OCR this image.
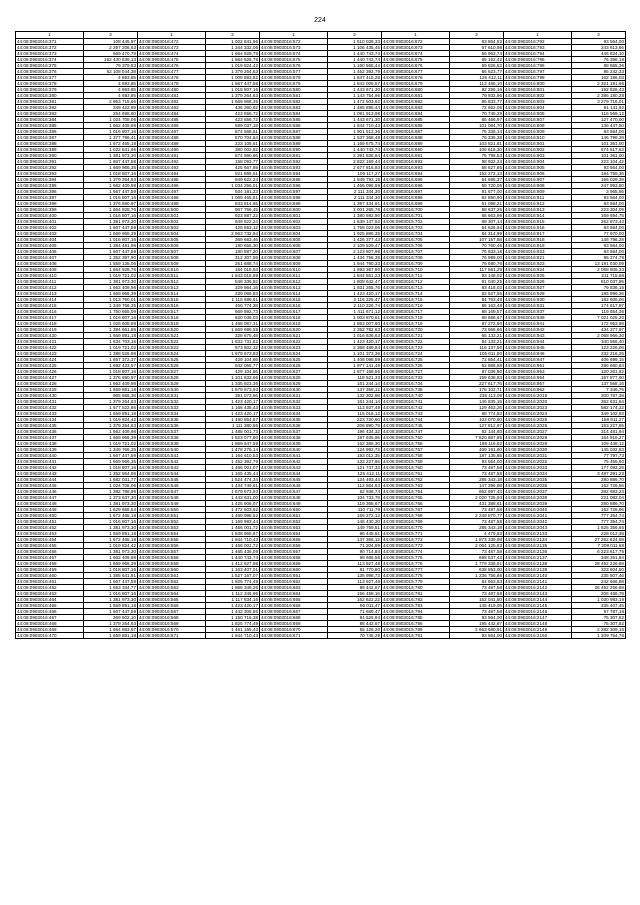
224
1	2	1	2	1	2	1	2	1	2
44:08:0903016:371	108 445,97	44:08:0903016:472	1 022 841,66	44:08:0903016:572	1 610 038,33	44:08:0903016:672	63 864,52	44:08:0903016:792	93 564,00
44:08:0903016:372	2 297 206,63	44:08:0903016:473	1 344 332,06	44:08:0903016:573	1 106 435,45	44:08:0903016:673	67 610,98	44:08:0903016:793	243 613,66
44:08:0903016:373	669 470,78	44:08:0903016:474	1 664 928,78	44:08:0903016:574	1 440 743,74	44:08:0903016:674	56 953,74	44:08:0903016:794	446 824,10
44:08:0903016:374	162 430 836,13	44:08:0903016:475	1 664 926,78	44:08:0903016:575	1 440 743,74	44:08:0903016:675	65 162,42	44:08:0903016:795	76 396,18
44:08:0903016:375	79 379,83	44:08:0903016:476	1 019 824,42	44:08:0903016:576	1 160 565,44	44:08:0903016:676	69 826,52	44:08:0903016:796	88 865,36
44:08:0903016:376	62 108 044,38	44:08:0903016:477	1 379 264,63	44:08:0903016:577	1 452 392,79	44:08:0903016:677	66 623,77	44:08:0903016:797	95 242,33
44:08:0903016:377	4 693,85	44:08:0903016:478	1 009 883,82	44:08:0903016:578	1 847 415,28	44:08:0903016:678	125 412,11	44:08:0903016:798	162 196,03
44:08:0903016:378	4 693,85	44:08:0903016:479	1 667 447,58	44:08:0903016:579	1 842 006,57	44:08:0903016:679	113 486,10	44:08:0903016:800	2 321 191,66
44:08:0903016:379	4 693,85	44:08:0903016:480	1 018 807,16	44:08:0903016:580	1 443 671,30	44:08:0903016:680	92 256,16	44:08:0903016:801	152 826,43
44:08:0903016:380	4 693,85	44:08:0903016:481	1 379 264,63	44:08:0903016:581	1 143 754,96	44:08:0903016:681	79 932,96	44:08:0903016:802	2 386 180,28
44:08:0903016:381	2 953 715,66	44:08:0903016:482	1 669 966,35	44:08:0903016:582	1 472 503,62	44:08:0903016:682	86 833,77	44:08:0903016:803	3 279 716,01
44:08:0903016:382	349 422,69	44:08:0903016:483	436 260,62	44:08:0903016:583	1 485 896,44	44:08:0903016:683	72 662,05	44:08:0903016:804	91 141,92
44:08:0903016:383	254 698,60	44:08:0903016:484	423 556,72	44:08:0903016:584	1 091 913,98	44:08:0903016:684	70 745,29	44:08:0903016:805	116 569,12
44:08:0903016:384	1 024 708,06	44:08:0903016:485	423 556,72	44:08:0903016:585	1 443 671,30	44:08:0903016:685	65 466,97	44:08:0903016:807	127 470,00
44:08:0903016:385	1 662 409,98	44:08:0903016:486	589 037,18	44:08:0903016:586	1 844 710,43	44:08:0903016:686	101 084,70	44:08:0903016:808	136 447,50
44:08:0903016:386	1 016 807,16	44:08:0903016:487	874 568,51	44:08:0903016:587	1 901 512,36	44:08:0903016:687	75 336,14	44:08:0903016:809	93 564,00
44:08:0903016:387	1 377 796,41	44:08:0903016:488	570 704,54	44:08:0903016:588	1 537 368,48	44:08:0903016:688	76 336,38	44:08:0903016:810	146 798,28
44:08:0903016:388	1 672 465,18	44:08:0903016:489	223 108,61	44:08:0903016:589	1 169 675,74	44:08:0903016:689	103 821,81	44:08:0903016:901	101 361,00
44:08:0903016:389	1 022 841,66	44:08:0903016:490	380 002,92	44:08:0903016:590	1 440 743,74	44:08:0903016:690	106 616,30	44:08:0903016:902	674 617,63
44:08:0903016:390	1 381 973,30	44:08:0903016:491	874 990,66	44:08:0903016:591	2 391 836,64	44:08:0903016:691	75 798,53	44:08:0903016:903	101 361,00
44:08:0903016:391	1 667 447,58	44:08:0903016:492	158 093,77	44:08:0903016:592	2 822 169,44	44:08:0903016:692	98 932,24	44:08:0903016:904	223 104,42
44:08:0903016:392	1 669 966,35	44:08:0903016:493	425 667,69	44:08:0903016:593	2 677 816,93	44:08:0903016:693	58 627,85	44:08:0903016:905	93 564,00
44:08:0903016:393	1 018 807,16	44:08:0903016:494	921 886,51	44:08:0903016:594	109 117,27	44:08:0903016:694	152 272,13	44:08:0903016:906	184 755,36
44:08:0903016:394	1 379 264,63	44:08:0903016:495	949 622,24	44:08:0903016:595	1 949 793,18	44:08:0903016:695	64 695,37	44:08:0903016:907	166 029,39
44:08:0903016:395	1 662 409,98	44:08:0903016:496	1 034 256,01	44:08:0903016:596	1 466 096,59	44:08:0903016:696	59 720,05	44:08:0903016:908	247 993,80
44:08:0903016:396	1 667 447,59	44:08:0903016:497	934 181,23	44:08:0903016:597	2 111 344,30	44:08:0903016:697	91 677,00	44:08:0903016:909	3 965,86
44:08:0903016:397	1 016 807,16	44:08:0903016:498	1 069 465,51	44:08:0903016:598	2 111 344,30	44:08:0903016:698	82 850,90	44:08:0903016:911	93 564,00
44:08:0903016:398	1 376 690,97	44:08:0903016:499	833 814,65	44:08:0903016:599	1 397 434,91	44:08:0903016:699	61 098,21	44:08:0903016:912	93 564,00
44:08:0903016:399	1 664 928,76	44:08:0903016:500	967 756,45	44:08:0903016:600	1 001 265,76	44:08:0903016:700	58 637,26	44:08:0903016:913	223 304,09
44:08:0903016:400	1 016 807,16	44:08:0903016:501	923 887,22	44:08:0903016:601	1 380 692,90	44:08:0903016:701	66 663,96	44:08:0903016:914	169 694,75
44:08:0903016:401	1 381 973,30	44:08:0903016:502	949 622,24	44:08:0903016:602	1 639 147,52	44:08:0903016:702	69 307,14	44:08:0903016:915	262 873,43
44:08:0903016:402	1 667 447,59	44:08:0903016:503	425 653,12	44:08:0903016:603	1 758 023,06	44:08:0903016:703	64 626,84	44:08:0903016:916	93 564,00
44:08:0903016:403	1 669 966,39	44:08:0903016:504	2 963 732,94	44:08:0903016:604	1 925 886,35	44:08:0903016:704	84 314,99	44:08:0903016:917	77 970,00
44:08:0903016:404	1 016 807,16	44:08:0903016:505	369 683,46	44:08:0903016:605	1 426 377,43	44:08:0903016:705	107 157,88	44:08:0903016:918	148 796,28
44:08:0903016:405	1 384 481,98	44:08:0903016:506	190 655,30	44:08:0903016:606	2 109 529,47	44:08:0903016:706	70 760,46	44:08:0903016:919	93 564,00
44:08:0903016:406	1 667 447,59	44:08:0903016:507	190 587,20	44:08:0903016:607	2 123 807,98	44:08:0903016:707	76 633,18	44:08:0903016:923	93 564,00
44:08:0903016:407	1 352 397,90	44:08:0903016:508	312 307,59	44:08:0903016:608	1 434 756,35	44:08:0903016:708	76 999,00	44:08:0903016:921	96 274,78
44:08:0903016:408	1 559 135,06	44:08:0903016:509	251 688,74	44:08:0903016:609	1 944 790,33	44:08:0903016:709	76 690,76	44:08:0903016:923	13 191 030,09
44:08:0903016:409	1 664 928,76	44:08:0903016:510	164 016,63	44:08:0903016:610	1 893 367,80	44:08:0903016:710	117 561,29	44:08:0903016:924	2 068 806,33
44:08:0903016:410	1 019 721,02	44:08:0903016:511	1 643 015,89	44:08:0903016:611	1 844 551,23	44:08:0903016:711	93 148,02	44:08:0903016:925	211 715,68
44:08:0903016:411	1 381 973,30	44:08:0903016:512	548 336,92	44:08:0903016:612	1 808 642,47	44:08:0903016:712	91 040,25	44:08:0903016:926	810 037,95
44:08:0903016:412	1 662 409,98	44:08:0903016:513	329 864,16	44:08:0903016:613	1 931 265,76	44:08:0903016:713	83 418,02	44:08:0903016:927	79 836,15
44:08:0903016:413	1 669 966,39	44:08:0903016:514	339 066,83	44:08:0903016:614	1 423 420,17	44:08:0903016:714	82 527,55	44:08:0903016:928	185 996,36
44:08:0903016:414	1 013 760,01	44:08:0903016:515	1 115 686,61	44:08:0903016:615	2 116 325,47	44:08:0903016:715	84 763,48	44:08:0903016:930	182 606,06
44:08:0903016:415	1 349 766,35	44:08:0903016:516	456 774,38	44:08:0903016:616	2 110 326,74	44:08:0903016:716	86 163,48	44:08:0903016:931	174 617,97
44:08:0903016:416	1 750 665,09	44:08:0903016:517	669 892,73	44:08:0903016:617	1 411 671,12	44:08:0903016:717	88 169,57	44:08:0903016:937	119 554,36
44:08:0903016:417	1 016 807,16	44:08:0903016:518	620 036,03	44:08:0903016:618	1 003 870,61	44:08:0903016:718	69 688,67	44:08:0903016:939	7 021 025,20
44:08:0903016:418	1 025 608,88	44:08:0903016:519	1 468 067,31	44:08:0903016:619	1 863 007,60	44:08:0903016:719	87 272,60	44:08:0903016:941	172 953,68
44:08:0903016:419	1 384 661,86	44:08:0903016:520	1 669 696,59	44:08:0903016:620	2 352 782,63	44:08:0903016:720	73 666,66	44:08:0903016:942	434 377,97
44:08:0903016:420	1 659 891,18	44:08:0903016:521	328 675,48	44:08:0903016:621	1 016 636,63	44:08:0903016:721	65 133,21	44:08:0903016:943	2 068 966,30
44:08:0903016:421	1 634 703,16	44:08:0903016:522	1 633 731,62	44:08:0903016:622	1 423 420,17	44:08:0903016:722	64 133,21	44:08:0903016:944	340 566,40
44:08:0903016:422	1 019 721,02	44:08:0903016:523	573 802,32	44:08:0903016:623	2 368 489,84	44:08:0903016:723	116 137,50	44:08:0903016:945	123 226,06
44:08:0903016:423	1 388 526,98	44:08:0903016:524	1 679 673,93	44:08:0903016:624	1 101 373,36	44:08:0903016:724	105 611,80	44:08:0903016:946	232 216,26
44:08:0903016:424	1 657 372,37	44:08:0903016:525	429 104,66	44:08:0903016:625	1 408 098,59	44:08:0903016:725	72 854,41	44:08:0903016:947	406 699,15
44:08:0903016:425	1 692 433,57	44:08:0903016:526	942 066,77	44:08:0903016:626	1 977 141,49	44:08:0903016:726	62 868,58	44:08:0903016:951	286 660,84
44:08:0903016:426	1 018 807,16	44:08:0903016:527	429 104,66	44:08:0903016:627	1 877 168,55	44:08:0903016:727	87 036,90	44:08:0903016:953	120 261,82
44:08:0903016:427	1 376 690,97	44:08:0903016:528	1 101 633,66	44:08:0903016:628	118 521,33	44:08:0903016:733	159 638,83	44:08:0903016:954	167 877,60
44:08:0903016:428	1 662 409,98	44:08:0903016:529	1 335 923,36	44:08:0903016:629	161 244,14	44:08:0903016:734	227 617,76	44:08:0903016:957	137 568,16
44:08:0903016:429	1 659 891,18	44:08:0903016:530	1 679 673,93	44:08:0903016:630	137 356,12	44:08:0903016:738	176 102,71	44:08:0903016:962	7 346,76
44:08:0903016:430	965 656,38	44:08:0903016:531	391 073,56	44:08:0903016:631	132 302,88	44:08:0903016:740	235 113,08	44:08:0903016:2015	200 767,38
44:08:0903016:431	1 379 264,63	44:08:0903016:532	1 423 420,17	44:08:0903016:632	161 244,14	44:08:0903016:741	146 835,16	44:08:0903016:2020	362 631,64
44:08:0903016:432	1 677 522,86	44:08:0903016:533	1 166 435,43	44:08:0903016:633	113 927,48	44:08:0903016:742	129 463,26	44:08:0903016:2023	582 174,22
44:08:0903016:433	1 659 891,18	44:08:0903016:534	1 423 420,17	44:08:0903016:634	115 016,12	44:08:0903016:743	88 774,82	44:08:0903016:2024	349 102,93
44:08:0903016:434	1 019 824,42	44:08:0903016:535	1 480 854,57	44:08:0903016:635	223 720,60	44:08:0903016:744	103 070,60	44:08:0903016:2025	158 911,27
44:08:0903016:435	1 379 264,63	44:08:0903016:536	1 111 380,56	44:08:0903016:636	206 890,79	44:08:0903016:745	127 812,97	44:08:0903016:2026	153 227,65
44:08:0903016:436	1 662 409,98	44:08:0903016:537	1 488 001,73	44:08:0903016:637	196 434,32	44:08:0903016:747	82 144,80	44:08:0903016:2027	314 481,94
44:08:0903016:437	1 669 966,39	44:08:0903016:538	1 823 077,80	44:08:0903016:638	197 635,95	44:08:0903016:750	7 820 867,85	44:08:0903016:2028	164 916,27
44:08:0903016:438	1 019 721,02	44:08:0903016:539	1 869 647,59	44:08:0903016:639	152 366,30	44:08:0903016:756	188 116,82	44:08:0903016:2029	109 448,12
44:08:0903016:439	1 349 766,35	44:08:0903016:540	1 478 276,14	44:08:0903016:640	124 992,72	44:08:0903016:757	469 191,60	44:08:0903016:2030	145 032,83
44:08:0903016:440	1 667 447,59	44:08:0903016:541	1 164 610,53	44:08:0903016:641	193 012,35	44:08:0903016:758	187 135,65	44:08:0903016:2031	77 797,73
44:08:0903016:441	1 669 966,35	44:08:0903016:542	1 452 392,79	44:08:0903016:642	133 227,65	44:08:0903016:759	93 564,00	44:08:0903016:2032	75 455,60
44:08:0903016:442	1 018 807,16	44:08:0903016:543	1 466 001,07	44:08:0903016:643	121 737,33	44:08:0903016:760	73 487,58	44:08:0903016:2033	177 083,25
44:08:0903016:443	1 352 864,86	44:08:0903016:544	1 165 435,44	44:08:0903016:644	125 412,11	44:08:0903016:761	73 487,58	44:08:0903016:2034	3 487 391,23
44:08:0903016:444	1 682 031,77	44:08:0903016:545	1 524 474,34	44:08:0903016:645	124 493,44	44:08:0903016:762	285 343,18	44:08:0903016:2035	280 886,70
44:08:0903016:445	1 024 708,06	44:08:0903016:546	1 434 749,61	44:08:0903016:646	112 564,63	44:08:0903016:763	147 396,98	44:08:0903016:2036	162 726,56
44:08:0903016:446	1 382 788,99	44:08:0903016:547	1 679 673,93	44:08:0903016:647	62 936,74	44:08:0903016:764	662 697,43	44:08:0903016:2037	282 683,23
44:08:0903016:447	1 373 637,30	44:08:0903016:548	1 443 631,00	44:08:0903016:648	104 733,78	44:08:0903016:765	2 020 725,93	44:08:0903016:2038	221 083,04
44:08:0903016:448	1 381 973,30	44:08:0903016:549	1 425 906,07	44:08:0903016:649	119 368,67	44:08:0903016:766	431 388,61	44:08:0903016:2039	280 886,70
44:08:0903016:449	1 629 666,54	44:08:0903016:550	1 472 503,62	44:08:0903016:650	110 711,79	44:08:0903016:767	73 487,58	44:08:0903016:2040	162 726,96
44:08:0903016:450	1 672 465,18	44:08:0903016:551	1 469 998,52	44:08:0903016:651	165 272,13	44:08:0903016:768	2 249 870,77	44:08:0903016:2041	777 354,74
44:08:0903016:451	1 016 807,16	44:08:0903016:552	1 169 983,44	44:08:0903016:652	146 430,20	44:08:0903016:769	73 487,58	44:08:0903016:2042	777 354,74
44:08:0903016:452	1 381 973,30	44:08:0903016:553	1 466 001,72	44:08:0903016:653	149 759,51	44:08:0903016:770	285 343,18	44:08:0903016:2043	1 625 356,65
44:08:0903016:453	1 659 891,18	44:08:0903016:554	1 838 965,67	44:08:0903016:654	86 445,61	44:08:0903016:771	4 479,53	44:08:0903016:2133	228 012,38
44:08:0903016:454	1 672 465,18	44:08:0903016:555	1 844 710,43	44:08:0903016:655	137 356,12	44:08:0903016:772	1 873 339,98	44:08:0903016:2134	27 252 624,58
44:08:0903016:455	1 019 824,42	44:08:0903016:556	1 466 001,72	44:08:0903016:656	71 204,89	44:08:0903016:773	2 064 125,83	44:08:0903016:2135	7 208 011,68
44:08:0903016:456	1 381 973,30	44:08:0903016:557	1 465 435,09	44:08:0903016:657	90 714,84	44:08:0903016:774	73 487,58	44:08:0903016:2136	6 223 617,75
44:08:0903016:457	1 662 409,98	44:08:0903016:558	1 440 743,74	44:08:0903016:658	99 686,55	44:08:0903016:775	698 537,43	44:08:0903016:2137	348 261,84
44:08:0903016:458	1 669 966,39	44:08:0903016:559	1 412 627,98	44:08:0903016:659	113 927,48	44:08:0903016:776	1 779 336,51	44:08:0903016:2138	28 492 226,68
44:08:0903016:459	1 018 807,16	44:08:0903016:560	1 163 407,01	44:08:0903016:660	81 770,80	44:08:0903016:777	638 853,00	44:08:0903016:2139	323 604,50
44:08:0903016:460	1 385 641,91	44:08:0903016:561	1 527 167,07	44:08:0903016:661	136 998,73	44:08:0903016:778	1 236 756,86	44:08:0903016:2140	235 807,46
44:08:0903016:461	1 667 447,59	44:08:0903016:562	1 825 774,49	44:08:0903016:662	113 927,48	44:08:0903016:779	64 663,83	44:08:0903016:2141	242 666,98
44:08:0903016:462	1 653 334,77	44:08:0903016:563	1 866 349,26	44:08:0903016:663	88 442,67	44:08:0903016:780	73 487,58	44:08:0903016:2142	26 492 256,68
44:08:0903016:463	1 016 807,16	44:08:0903016:564	1 112 346,96	44:08:0903016:664	156 458,16	44:08:0903016:781	73 487,58	44:08:0903016:2143	206 466,78
44:08:0903016:464	1 381 973,30	44:08:0903016:565	1 117 834,16	44:08:0903016:665	162 622,22	44:08:0903016:782	152 041,50	44:08:0903016:2144	1 030 983,19
44:08:0903016:465	1 659 891,18	44:08:0903016:566	1 423 420,17	44:08:0903016:666	96 011,47	44:08:0903016:783	145 419,05	44:08:0903016:2145	335 407,45
44:08:0903016:466	1 667 447,59	44:08:0903016:567	1 442 306,86	44:08:0903016:667	71 689,47	44:08:0903016:784	73 487,58	44:08:0903016:2146	67 787,18
44:08:0903016:467	369 602,10	44:08:0903016:568	1 150 716,38	44:08:0903016:668	84 526,84	44:08:0903016:785	93 564,00	44:08:0903016:2147	75 307,82
44:08:0903016:468	1 379 264,63	44:08:0903016:569	1 825 774,49	44:08:0903016:669	88 442,67	44:08:0903016:786	195 442,67	44:08:0903016:2148	75 307,82
44:08:0903016:469	1 654 883,67	44:08:0903016:570	1 461 165,43	44:08:0903016:670	55 126,20	44:08:0903016:789	2 663 680,91	44:08:0903016:2149	2 282 309,15
44:08:0903016:470	1 659 891,18	44:08:0903016:571	1 844 710,43	44:08:0903016:671	70 745,29	44:08:0903016:791	93 564,00	44:08:0903016:2150	1 209 754,76
